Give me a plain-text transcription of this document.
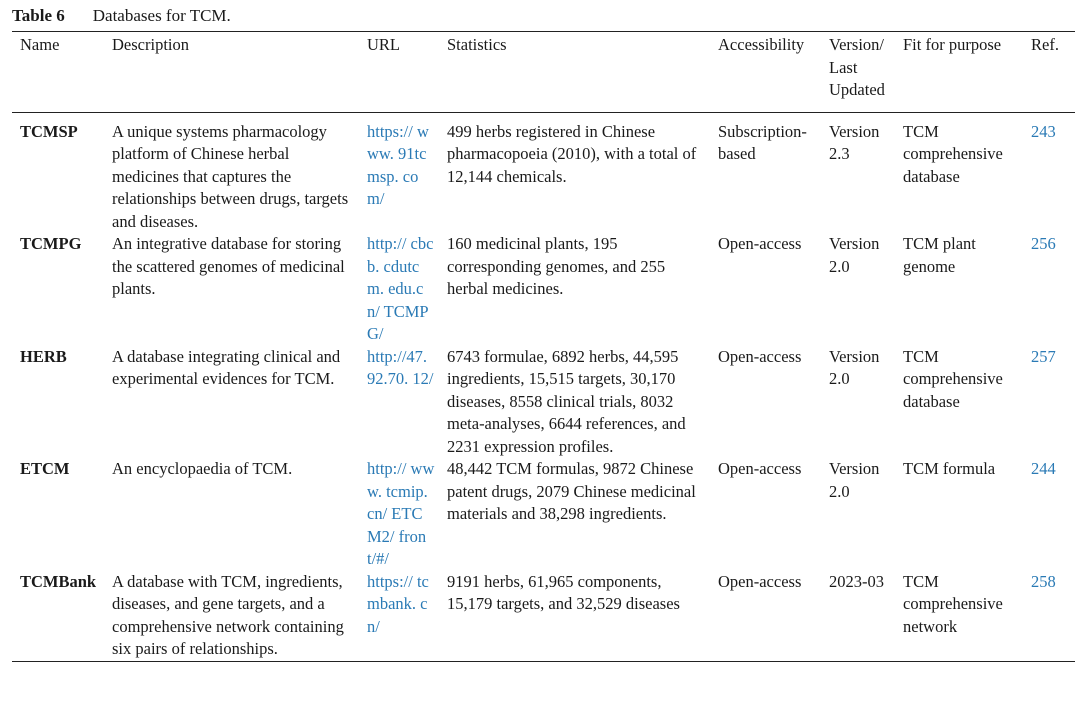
Table 6 Databases for TCM.
Name	Description	URL	Statistics	Accessibility	Version/ Last Updated	Fit for purpose	Ref.
TCMSP	A unique systems pharmacology platform of Chinese herbal medicines that captures the relationships between drugs, targets and diseases.	https:// www. 91tcmsp. com/	499 herbs registered in Chinese pharmacopoeia (2010), with a total of 12,144 chemicals.	Subscription-based	Version 2.3	TCM comprehensive database	243
TCMPG	An integrative database for storing the scattered genomes of medicinal plants.	http:// cbcb. cdutcm. edu.cn/ TCMPG/	160 medicinal plants, 195 corresponding genomes, and 255 herbal medicines.	Open-access	Version 2.0	TCM plant genome	256
HERB	A database integrating clinical and experimental evidences for TCM.	http://47. 92.70. 12/	6743 formulae, 6892 herbs, 44,595 ingredients, 15,515 targets, 30,170 diseases, 8558 clinical trials, 8032 meta-analyses, 6644 references, and 2231 expression profiles.	Open-access	Version 2.0	TCM comprehensive database	257
ETCM	An encyclopaedia of TCM.	http:// www. tcmip. cn/ ETCM2/ front/#/	48,442 TCM formulas, 9872 Chinese patent drugs, 2079 Chinese medicinal materials and 38,298 ingredients.	Open-access	Version 2.0	TCM formula	244
TCMBank	A database with TCM, ingredients, diseases, and gene targets, and a comprehensive network containing six pairs of relationships.	https:// tcmbank. cn/	9191 herbs, 61,965 components, 15,179 targets, and 32,529 diseases	Open-access	2023-03	TCM comprehensive network	258
